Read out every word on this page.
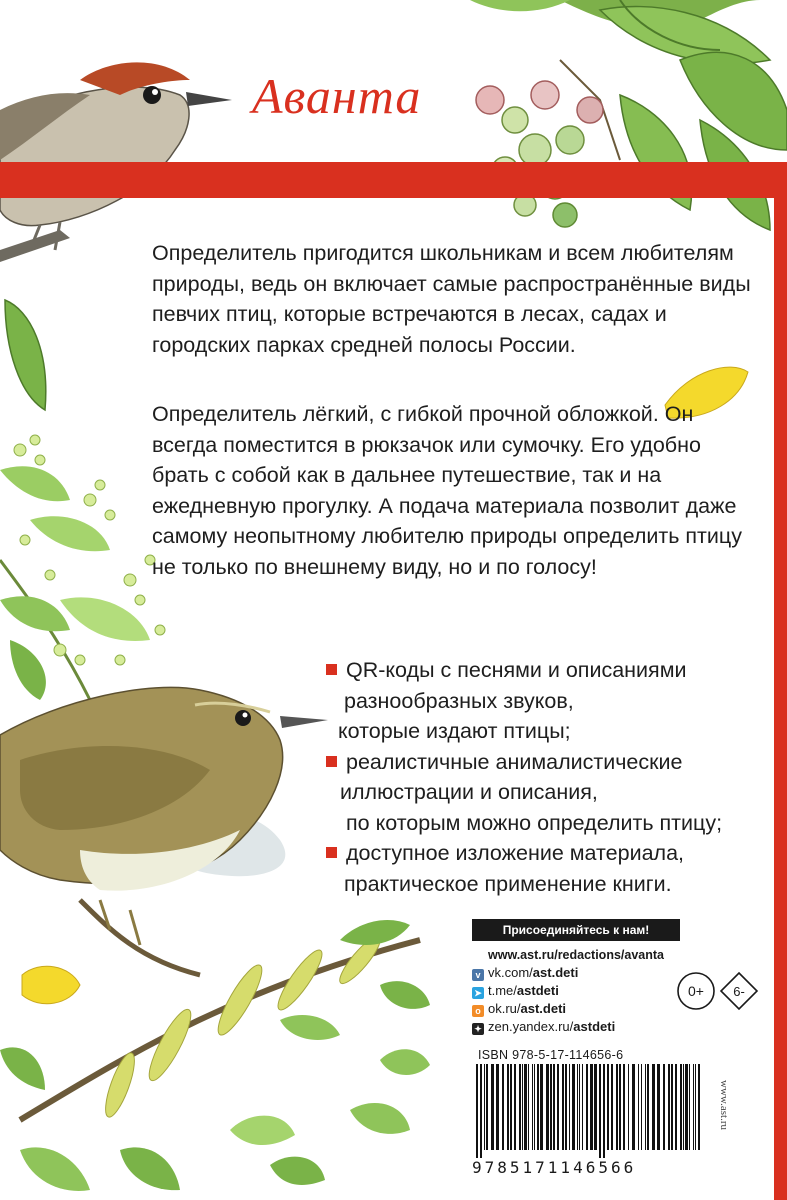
Аванта

Определитель пригодится школьникам и всем любителям природы, ведь он включает самые распространённые виды певчих птиц, которые встречаются в лесах, садах и городских парках средней полосы России.

Определитель лёгкий, с гибкой прочной обложкой. Он всегда поместится в рюкзачок или сумочку. Его удобно брать с собой как в дальнее путешествие, так и на ежедневную прогулку. А подача материала позволит даже самому неопытному любителю природы определить птицу не только по внешнему виду, но и по голосу!

QR-коды с песнями и описаниями
разнообразных звуков,
которые издают птицы;

реалистичные анималистические
иллюстрации и описания,
по которым можно определить птицу;

доступное изложение материала,
практическое применение книги.

Присоединяйтесь к нам!
www.ast.ru/redactions/avanta
v vk.com/ast.deti
➤ t.me/astdeti
o ok.ru/ast.deti
✦ zen.yandex.ru/astdeti
0+ 6-
ISBN 978-5-17-114656-6
9785171146566
www.ast.ru
